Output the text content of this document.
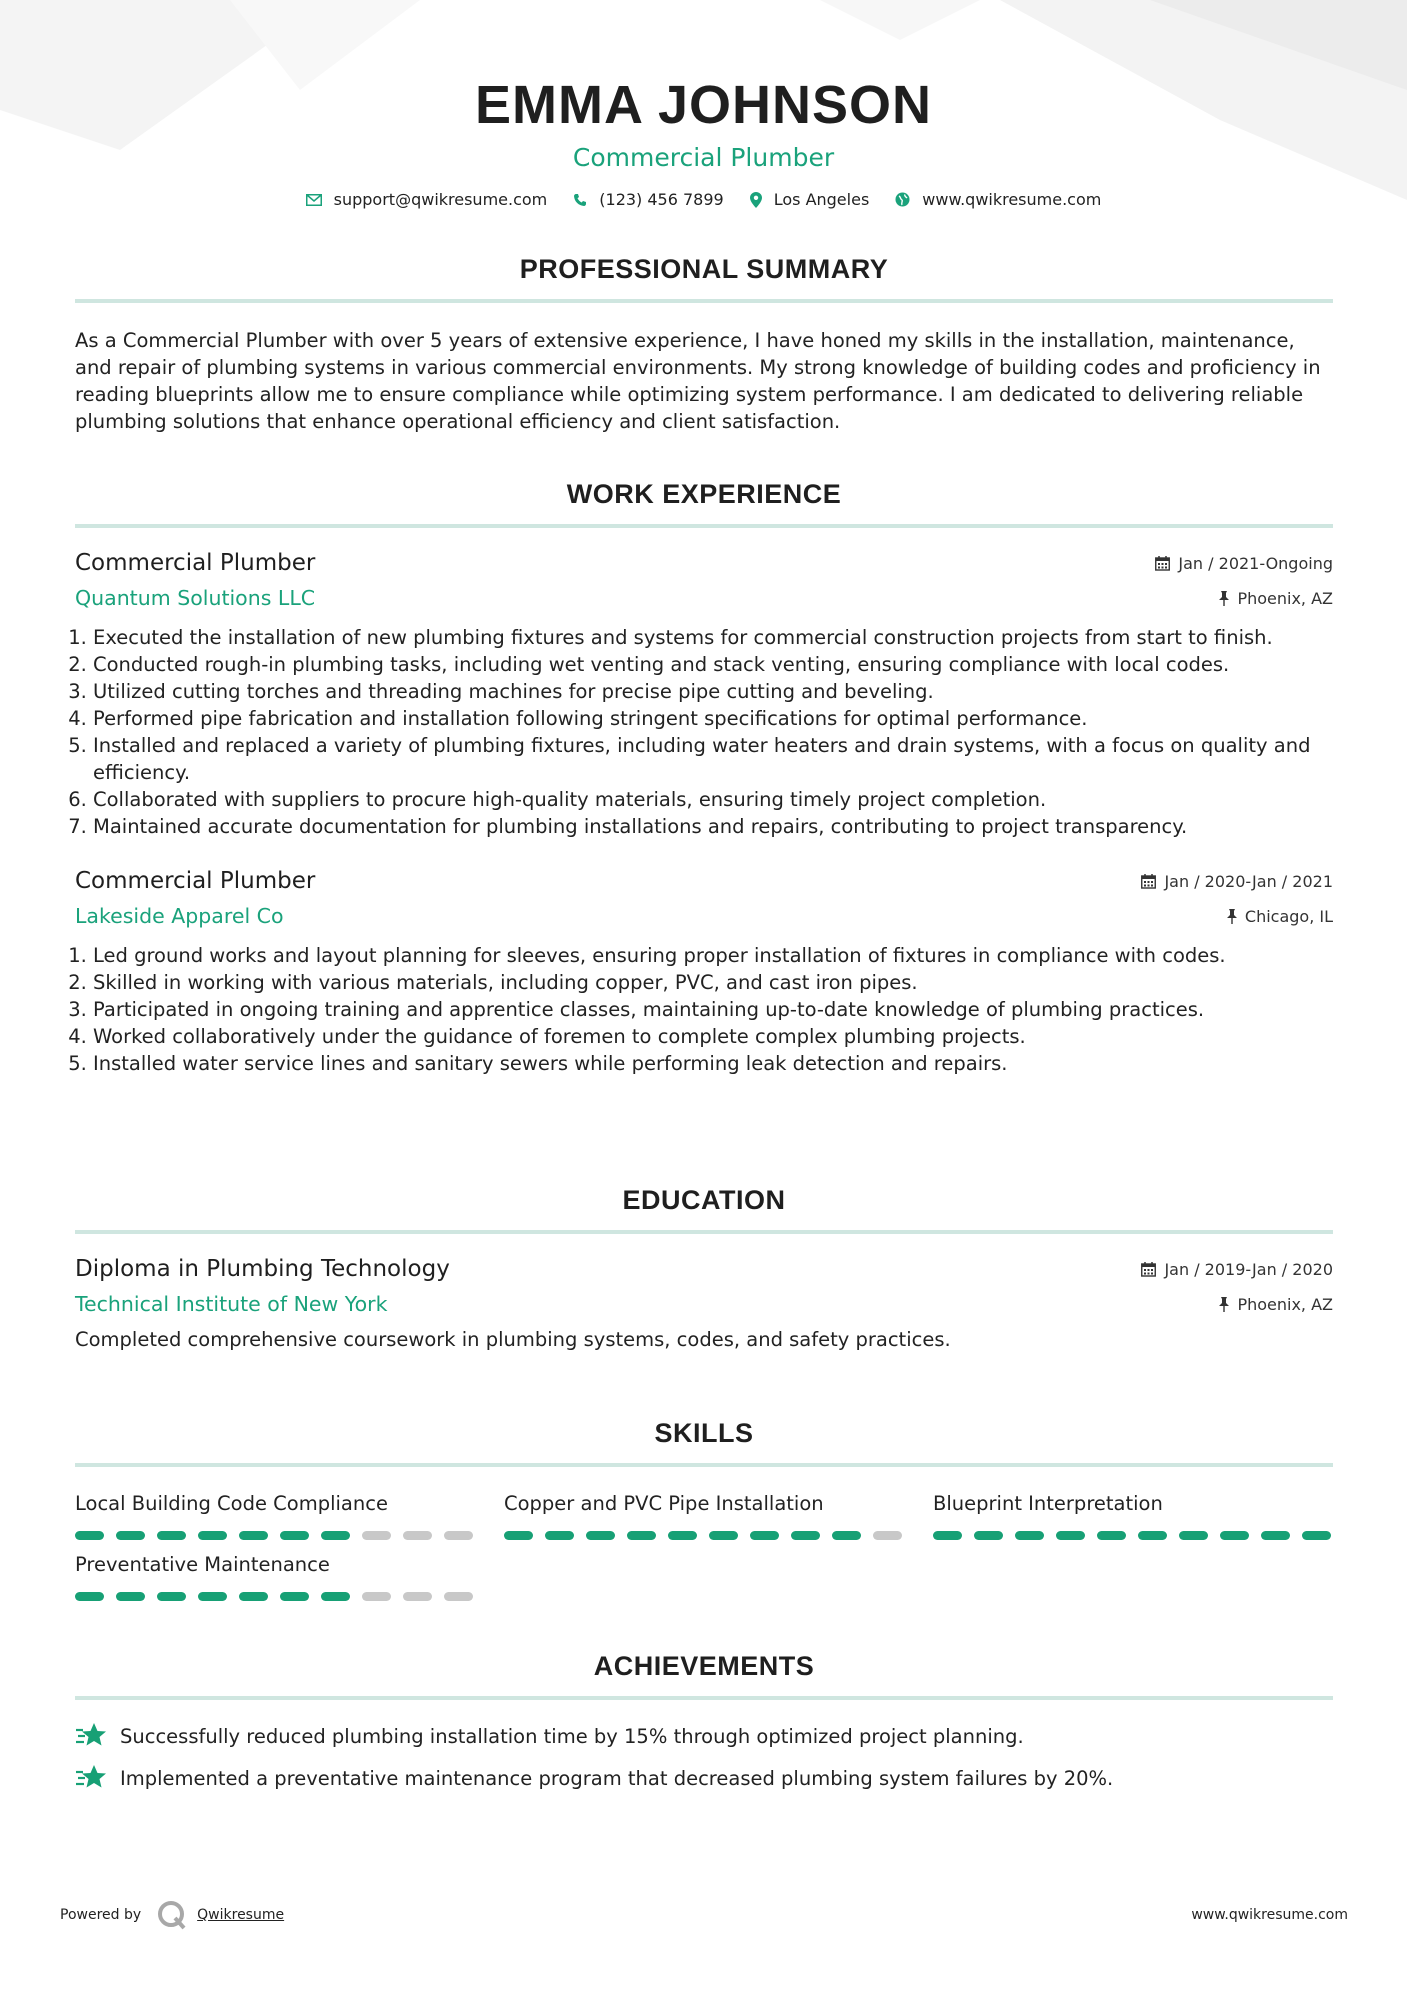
EMMA JOHNSON
Commercial Plumber
support@qwikresume.com	(123) 456 7899	Los Angeles	www.qwikresume.com
PROFESSIONAL SUMMARY
As a Commercial Plumber with over 5 years of extensive experience, I have honed my skills in the installation, maintenance, and repair of plumbing systems in various commercial environments. My strong knowledge of building codes and proficiency in reading blueprints allow me to ensure compliance while optimizing system performance. I am dedicated to delivering reliable plumbing solutions that enhance operational efficiency and client satisfaction.
WORK EXPERIENCE
Commercial Plumber	Jan / 2021-Ongoing
Quantum Solutions LLC	Phoenix, AZ
1. Executed the installation of new plumbing fixtures and systems for commercial construction projects from start to finish.
2. Conducted rough-in plumbing tasks, including wet venting and stack venting, ensuring compliance with local codes.
3. Utilized cutting torches and threading machines for precise pipe cutting and beveling.
4. Performed pipe fabrication and installation following stringent specifications for optimal performance.
5. Installed and replaced a variety of plumbing fixtures, including water heaters and drain systems, with a focus on quality and efficiency.
6. Collaborated with suppliers to procure high-quality materials, ensuring timely project completion.
7. Maintained accurate documentation for plumbing installations and repairs, contributing to project transparency.
Commercial Plumber	Jan / 2020-Jan / 2021
Lakeside Apparel Co	Chicago, IL
1. Led ground works and layout planning for sleeves, ensuring proper installation of fixtures in compliance with codes.
2. Skilled in working with various materials, including copper, PVC, and cast iron pipes.
3. Participated in ongoing training and apprentice classes, maintaining up-to-date knowledge of plumbing practices.
4. Worked collaboratively under the guidance of foremen to complete complex plumbing projects.
5. Installed water service lines and sanitary sewers while performing leak detection and repairs.
EDUCATION
Diploma in Plumbing Technology	Jan / 2019-Jan / 2020
Technical Institute of New York	Phoenix, AZ
Completed comprehensive coursework in plumbing systems, codes, and safety practices.
SKILLS
Local Building Code Compliance	Copper and PVC Pipe Installation	Blueprint Interpretation
Preventative Maintenance
ACHIEVEMENTS
Successfully reduced plumbing installation time by 15% through optimized project planning.
Implemented a preventative maintenance program that decreased plumbing system failures by 20%.
Powered by	Qwikresume	www.qwikresume.com
